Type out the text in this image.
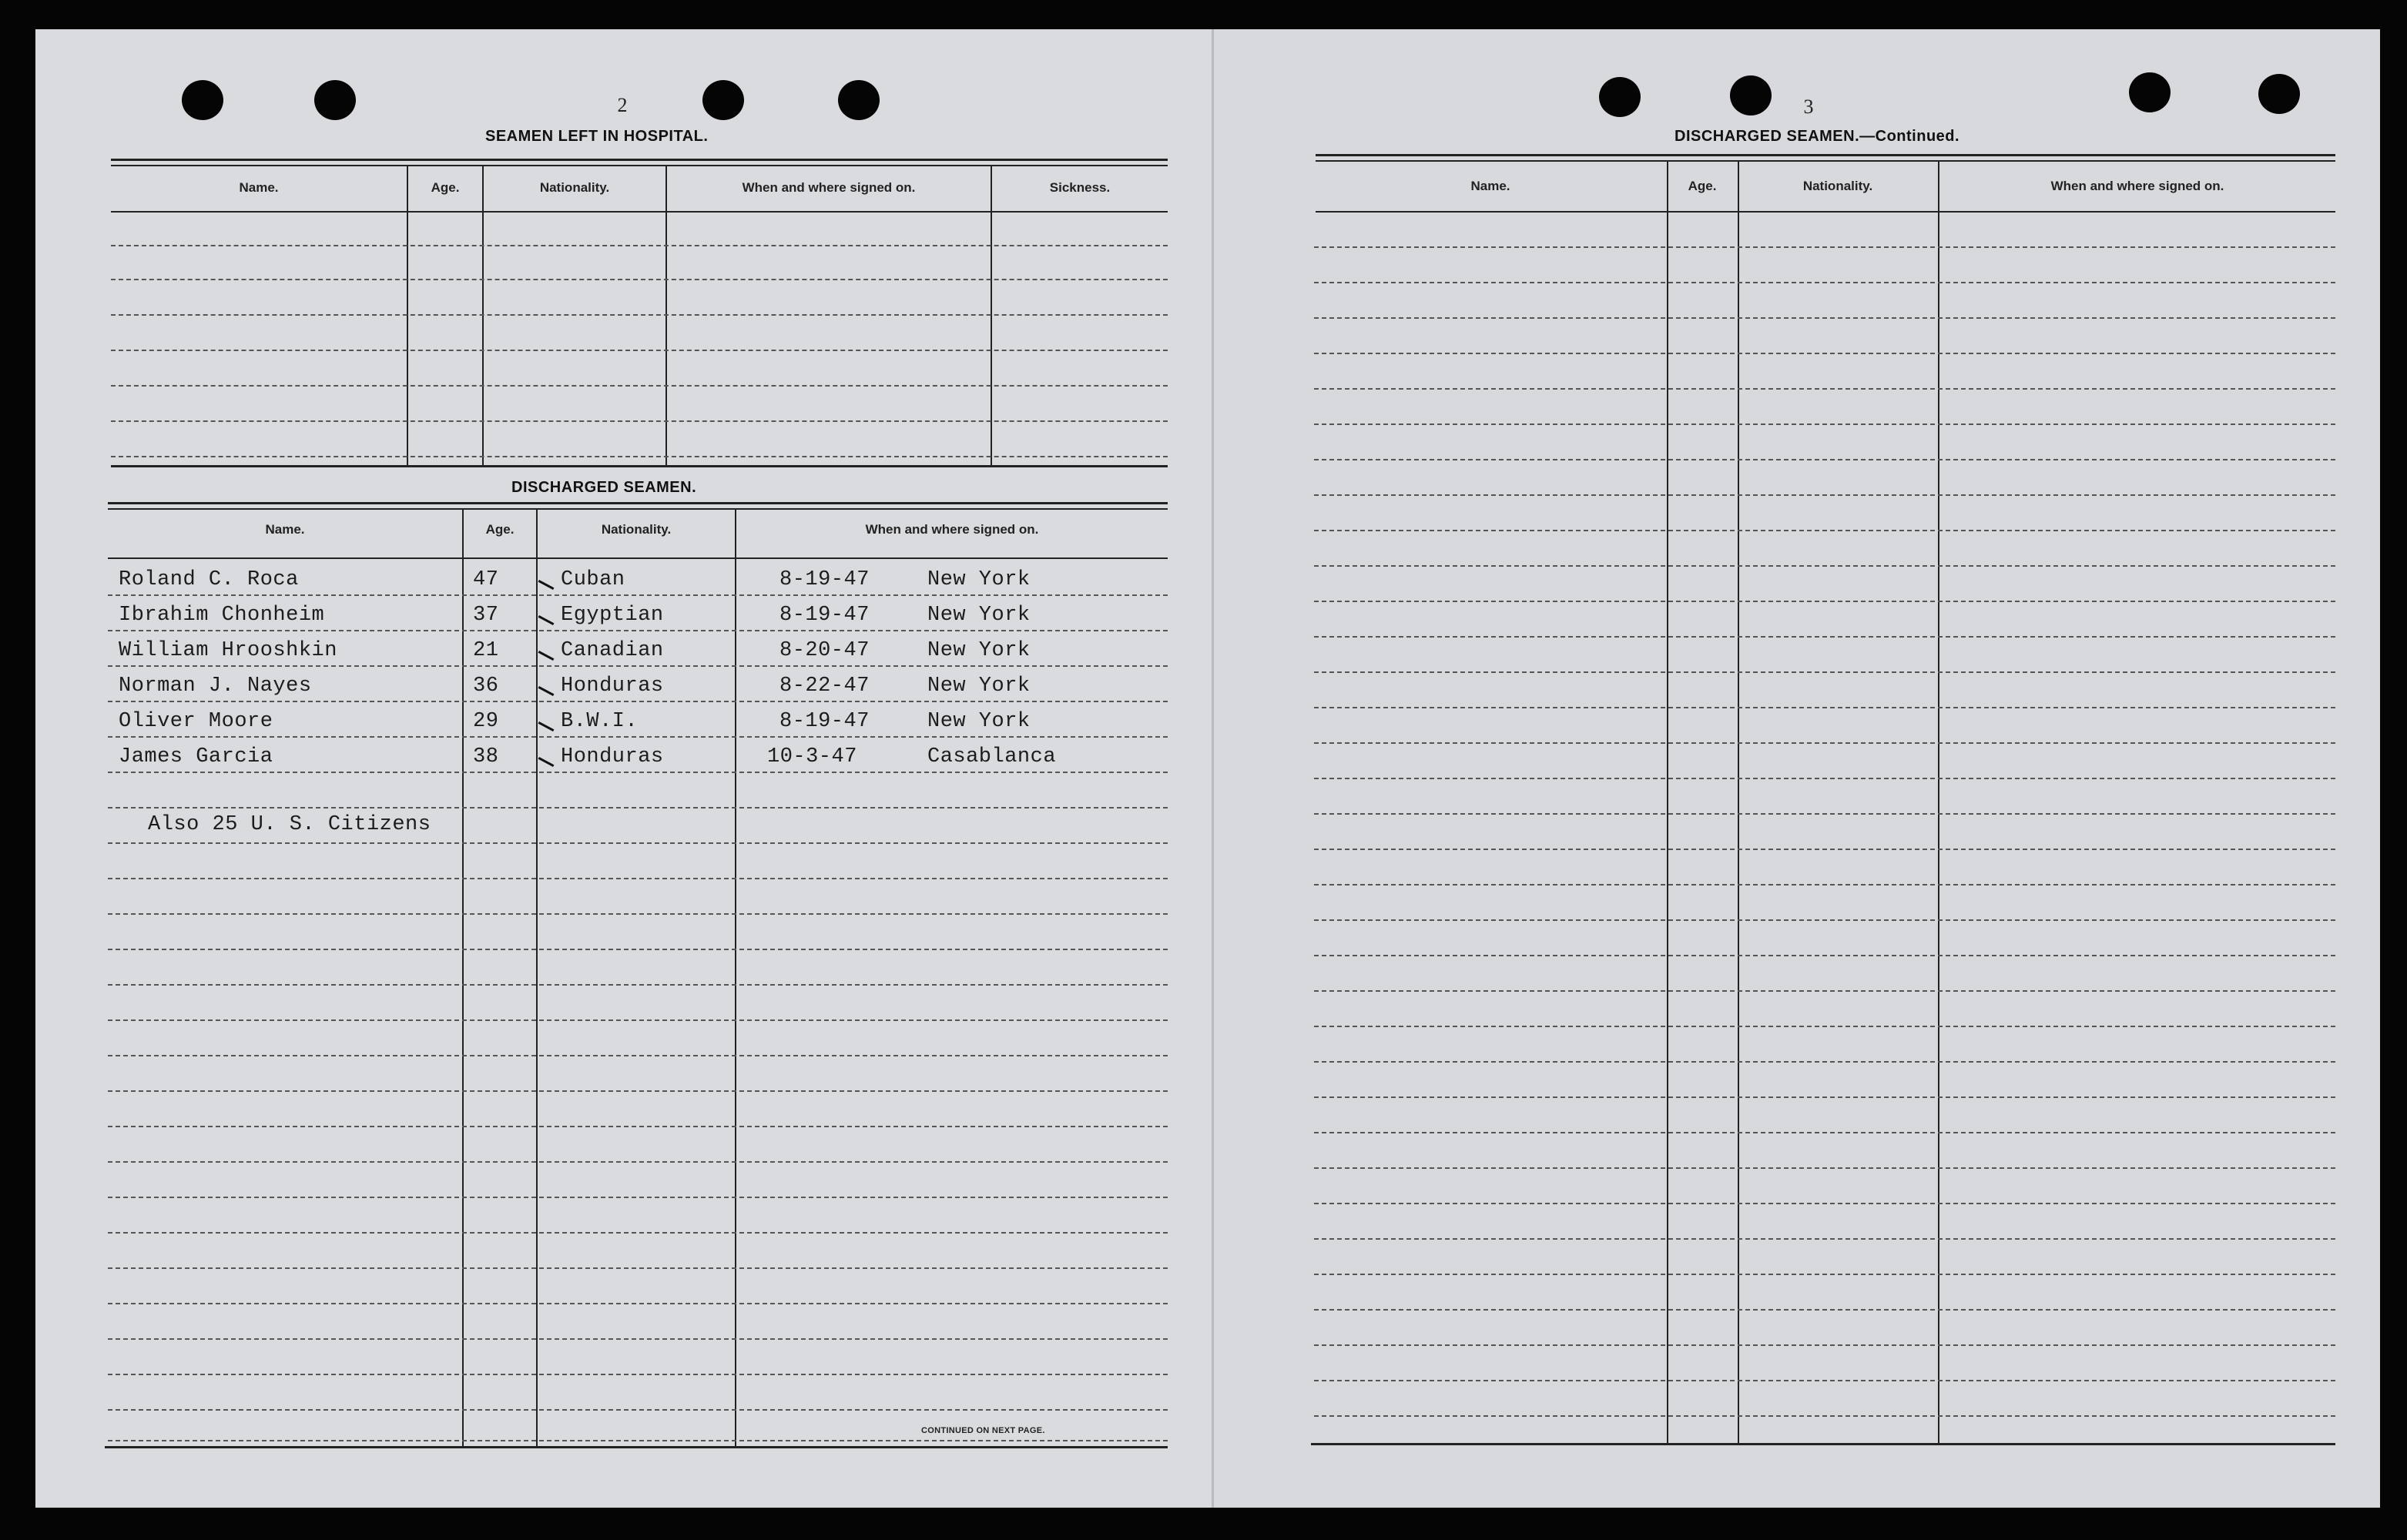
2
SEAMEN LEFT IN HOSPITAL.
Name.	Age.	Nationality.	When and where signed on.	Sickness.
DISCHARGED SEAMEN.
Name.	Age.	Nationality.	When and where signed on.
Roland C. Roca	47	Cuban	8-19-47	New York
Ibrahim Chonheim	37	Egyptian	8-19-47	New York
William Hrooshkin	21	Canadian	8-20-47	New York
Norman J. Nayes	36	Honduras	8-22-47	New York
Oliver Moore	29	B.W.I.	8-19-47	New York
James Garcia	38	Honduras	10-3-47	Casablanca
Also 25 U. S. Citizens
CONTINUED ON NEXT PAGE.
3
DISCHARGED SEAMEN.—Continued.
Name.	Age.	Nationality.	When and where signed on.
